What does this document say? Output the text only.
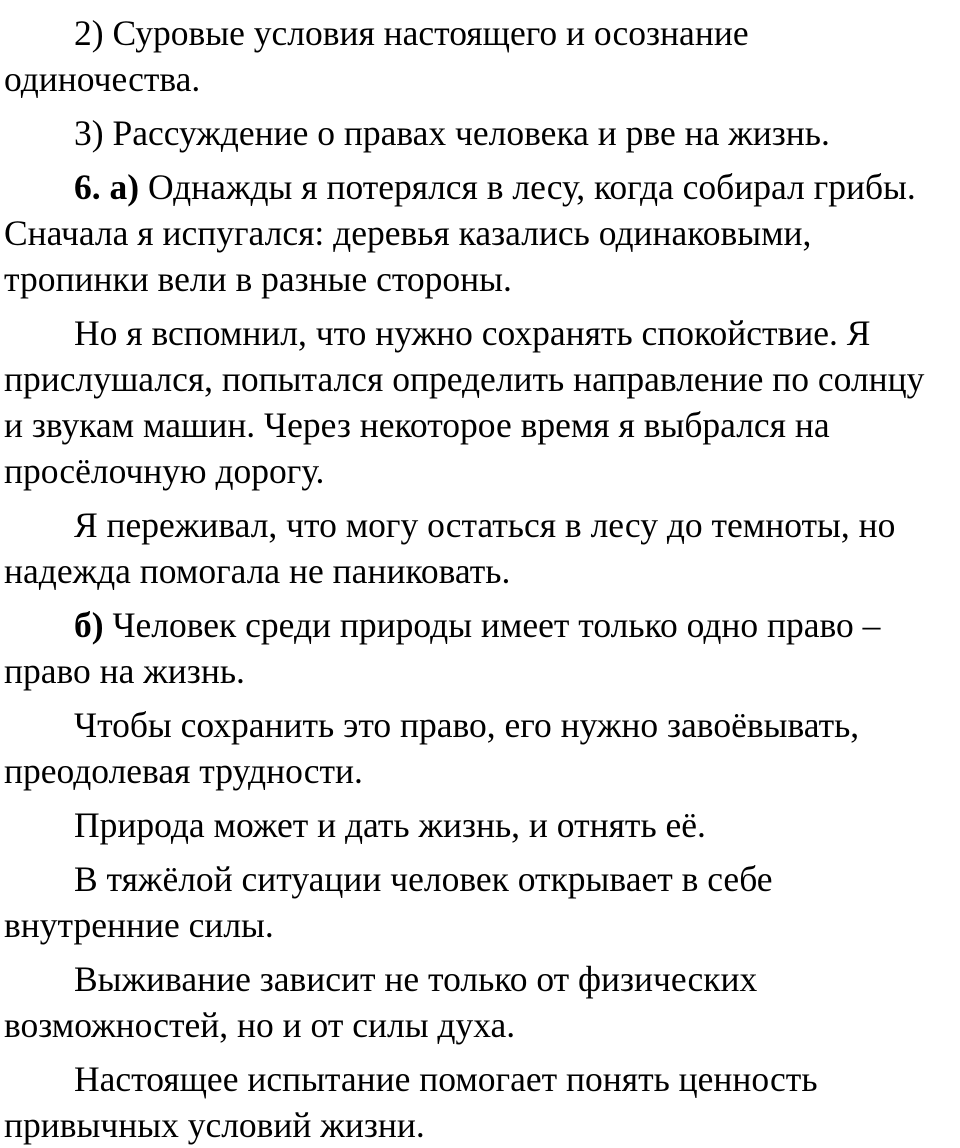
2) Суровые условия настоящего и осознание
одиночества.
3) Рассуждение о правах человека и рве на жизнь.
6. а) Однажды я потерялся в лесу, когда собирал грибы.
Сначала я испугался: деревья казались одинаковыми,
тропинки вели в разные стороны.
Но я вспомнил, что нужно сохранять спокойствие. Я
прислушался, попытался определить направление по солнцу
и звукам машин. Через некоторое время я выбрался на
просёлочную дорогу.
Я переживал, что могу остаться в лесу до темноты, но
надежда помогала не паниковать.
б) Человек среди природы имеет только одно право –
право на жизнь.
Чтобы сохранить это право, его нужно завоёвывать,
преодолевая трудности.
Природа может и дать жизнь, и отнять её.
В тяжёлой ситуации человек открывает в себе
внутренние силы.
Выживание зависит не только от физических
возможностей, но и от силы духа.
Настоящее испытание помогает понять ценность
привычных условий жизни.
